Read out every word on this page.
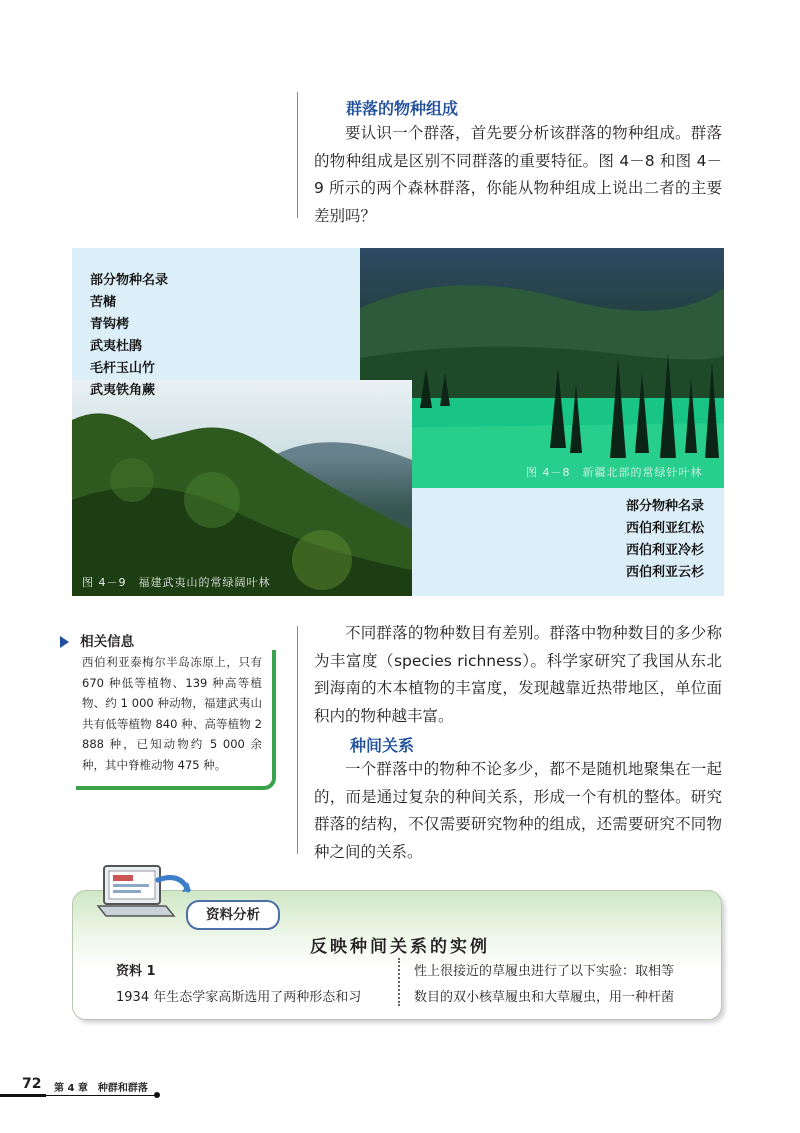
群落的物种组成

要认识一个群落，首先要分析该群落的物种组成。群落的物种组成是区别不同群落的重要特征。图 4－8 和图 4－9 所示的两个森林群落，你能从物种组成上说出二者的主要差别吗？

图 4－8　新疆北部的常绿针叶林
图 4－9　福建武夷山的常绿阔叶林
部分物种名录
苦槠
青钩栲
武夷杜鹃
毛杆玉山竹
武夷铁角蕨
部分物种名录
西伯利亚红松
西伯利亚冷杉
西伯利亚云杉
相关信息
西伯利亚泰梅尔半岛冻原上，只有 670 种低等植物、139 种高等植物、约 1 000 种动物，福建武夷山共有低等植物 840 种、高等植物 2 888 种，已知动物约 5 000 余种，其中脊椎动物 475 种。

不同群落的物种数目有差别。群落中物种数目的多少称为丰富度（species richness）。科学家研究了我国从东北到海南的木本植物的丰富度，发现越靠近热带地区，单位面积内的物种越丰富。

种间关系

一个群落中的物种不论多少，都不是随机地聚集在一起的，而是通过复杂的种间关系，形成一个有机的整体。研究群落的结构，不仅需要研究物种的组成，还需要研究不同物种之间的关系。

资料分析
反映种间关系的实例
资料 1
1934 年生态学家高斯选用了两种形态和习
性上很接近的草履虫进行了以下实验：取相等
数目的双小核草履虫和大草履虫，用一种杆菌
72 第 4 章　种群和群落
